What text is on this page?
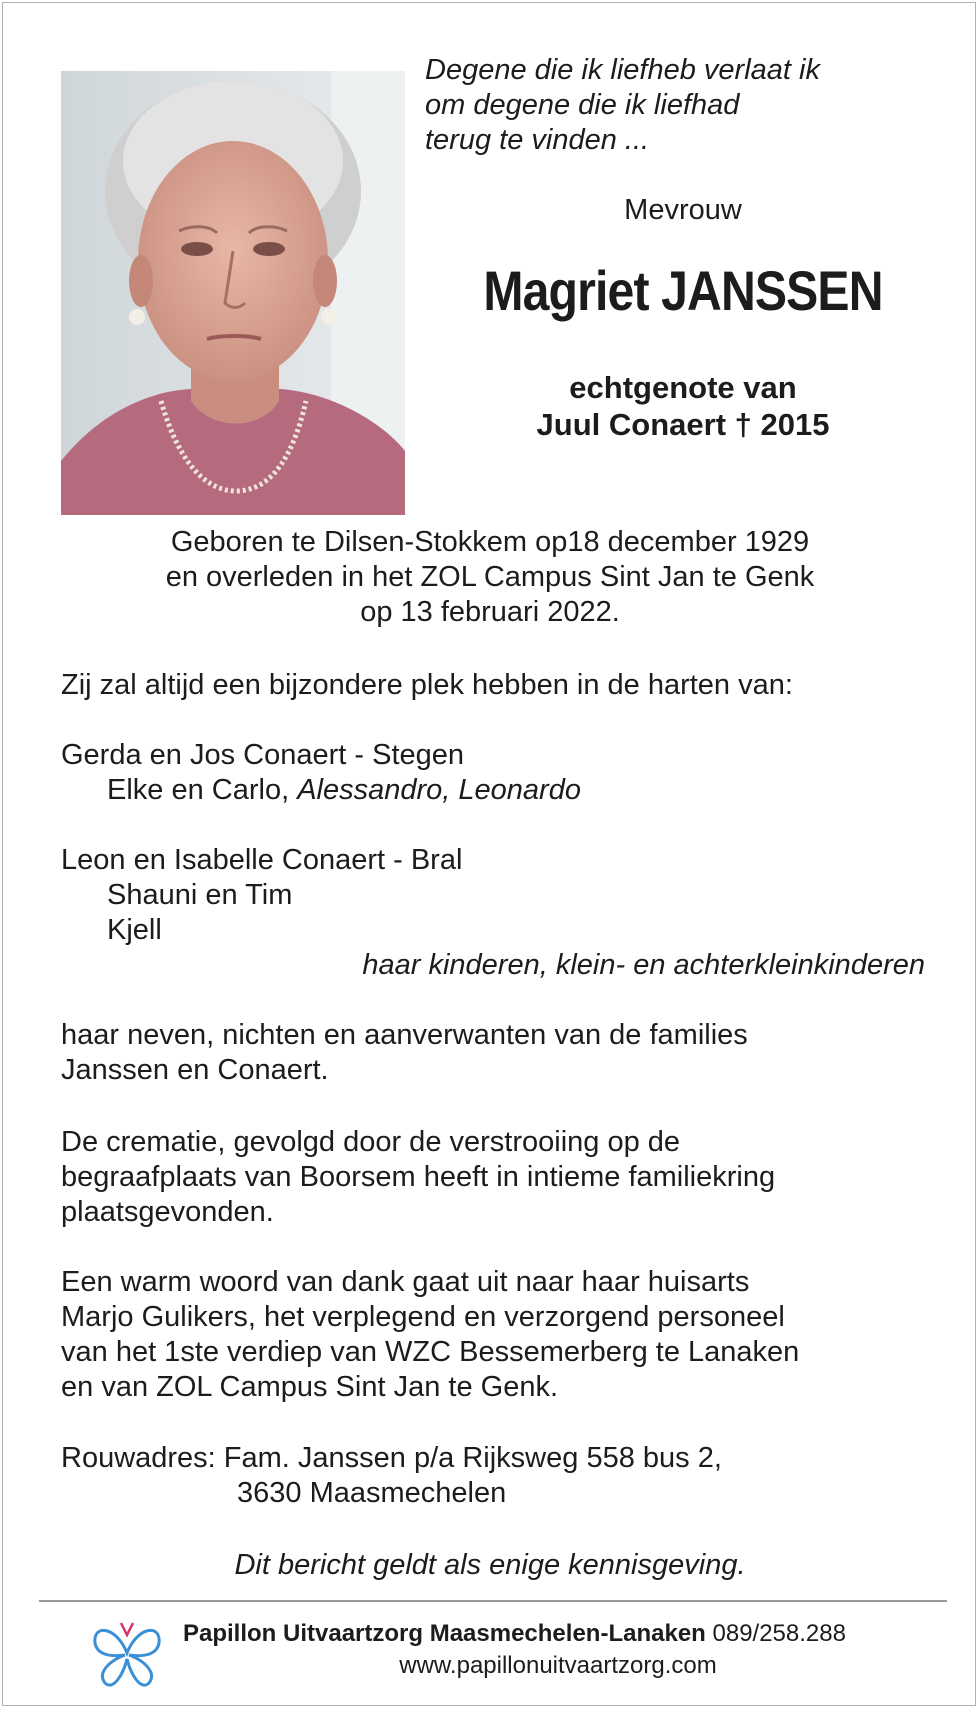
Degene die ik liefheb verlaat ik
om degene die ik liefhad
terug te vinden ...
Mevrouw
Magriet JANSSEN
echtgenote van
Juul Conaert † 2015
Geboren te Dilsen-Stokkem op18 december 1929
en overleden in het ZOL Campus Sint Jan te Genk
op 13 februari 2022.
Zij zal altijd een bijzondere plek hebben in de harten van:
Gerda en Jos Conaert - Stegen
Elke en Carlo, Alessandro, Leonardo
Leon en Isabelle Conaert - Bral
Shauni en Tim
Kjell
haar kinderen, klein- en achterkleinkinderen
haar neven, nichten en aanverwanten van de families
Janssen en Conaert.
De crematie, gevolgd door de verstrooiing op de
begraafplaats van Boorsem heeft in intieme familiekring
plaatsgevonden.
Een warm woord van dank gaat uit naar haar huisarts
Marjo Gulikers, het verplegend en verzorgend personeel
van het 1ste verdiep van WZC Bessemerberg te Lanaken
en van ZOL Campus Sint Jan te Genk.
Rouwadres: Fam. Janssen p/a Rijksweg 558 bus 2,
3630 Maasmechelen
Dit bericht geldt als enige kennisgeving.
Papillon Uitvaartzorg Maasmechelen-Lanaken 089/258.288
www.papillonuitvaartzorg.com
